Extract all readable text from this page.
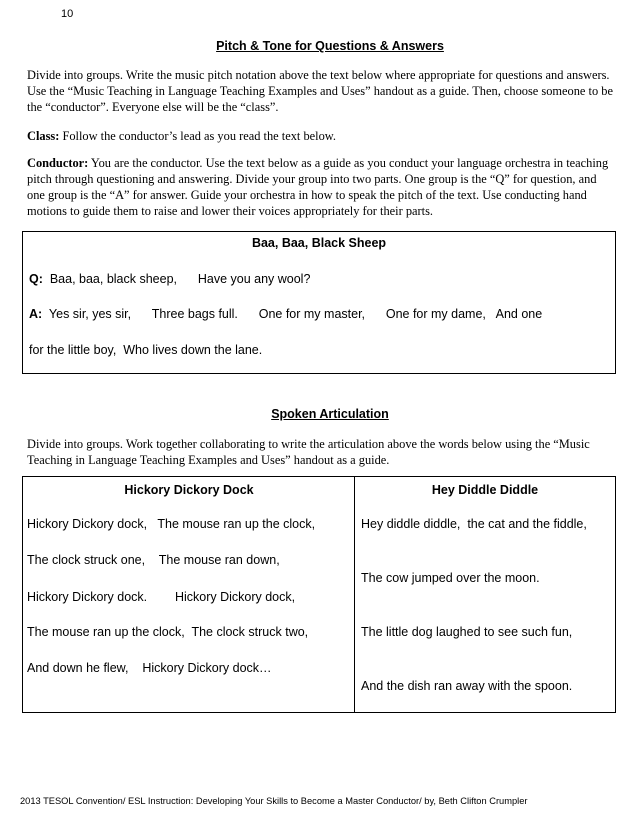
10
Pitch & Tone for Questions & Answers
Divide into groups. Write the music pitch notation above the text below where appropriate for questions and answers. Use the “Music Teaching in Language Teaching Examples and Uses” handout as a guide. Then, choose someone to be the “conductor”. Everyone else will be the “class”.
Class: Follow the conductor’s lead as you read the text below.
Conductor: You are the conductor. Use the text below as a guide as you conduct your language orchestra in teaching pitch through questioning and answering. Divide your group into two parts. One group is the “Q” for question, and one group is the “A” for answer. Guide your orchestra in how to speak the pitch of the text. Use conducting hand motions to guide them to raise and lower their voices appropriately for their parts.
Baa, Baa, Black Sheep
Q:  Baa, baa, black sheep,      Have you any wool?
A:  Yes sir, yes sir,      Three bags full.      One for my master,      One for my dame,   And one
for the little boy,  Who lives down the lane.
Spoken Articulation
Divide into groups. Work together collaborating to write the articulation above the words below using the “Music Teaching in Language Teaching Examples and Uses” handout as a guide.
Hickory Dickory Dock
Hickory Dickory dock,   The mouse ran up the clock,
The clock struck one,    The mouse ran down,
Hickory Dickory dock.        Hickory Dickory dock,
The mouse ran up the clock,  The clock struck two,
And down he flew,    Hickory Dickory dock…
Hey Diddle Diddle
Hey diddle diddle,  the cat and the fiddle,
The cow jumped over the moon.
The little dog laughed to see such fun,
And the dish ran away with the spoon.
2013 TESOL Convention/ ESL Instruction: Developing Your Skills to Become a Master Conductor/ by, Beth Clifton Crumpler
